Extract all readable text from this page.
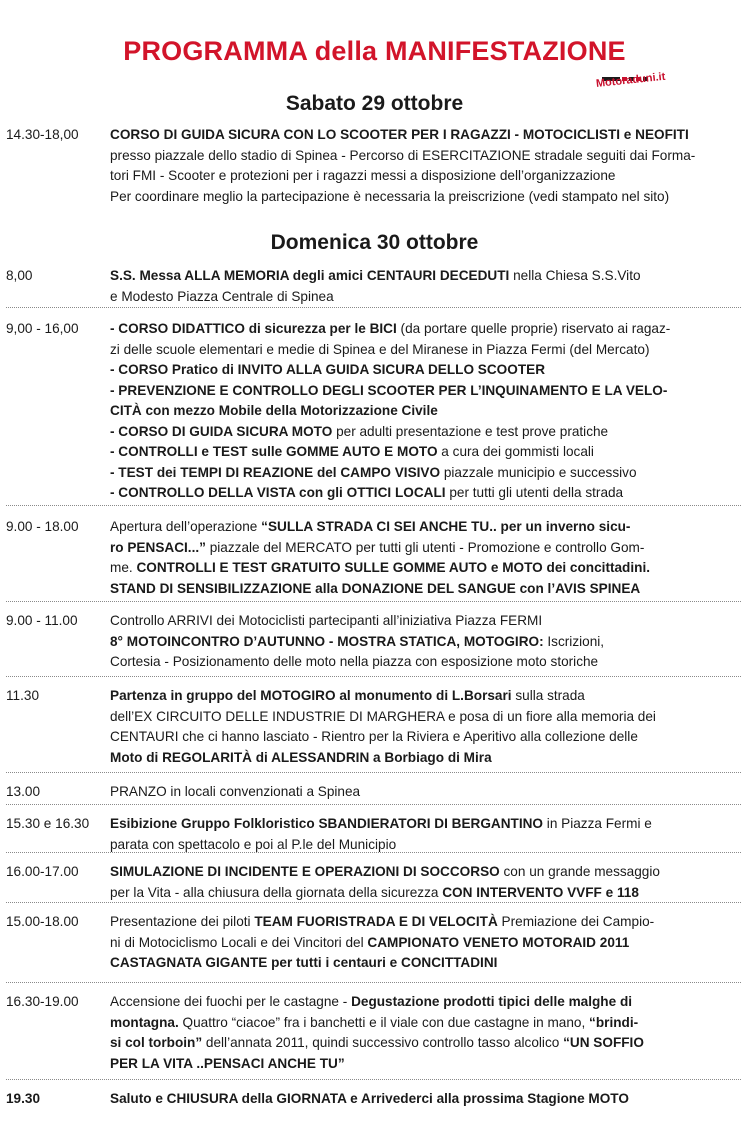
PROGRAMMA della MANIFESTAZIONE
Motoraduni.it
Sabato 29 ottobre
Domenica 30 ottobre
14.30-18,00	CORSO DI GUIDA SICURA CON LO SCOOTER PER I RAGAZZI - MOTOCICLISTI e NEOFITI
presso piazzale dello stadio di Spinea - Percorso di ESERCITAZIONE stradale seguiti dai Forma-
tori FMI - Scooter e protezioni per i ragazzi messi a disposizione dell’organizzazione
Per coordinare meglio la partecipazione è necessaria la preiscrizione (vedi stampato nel sito)
8,00	S.S. Messa ALLA MEMORIA degli amici CENTAURI DECEDUTI nella Chiesa S.S.Vito
e Modesto Piazza Centrale di Spinea
9,00 - 16,00	- CORSO DIDATTICO di sicurezza per le BICI (da portare quelle proprie) riservato ai ragaz-
zi delle scuole elementari e medie di Spinea e del Miranese in Piazza Fermi (del Mercato)
- CORSO Pratico di INVITO ALLA GUIDA SICURA DELLO SCOOTER
- PREVENZIONE E CONTROLLO DEGLI SCOOTER PER L’INQUINAMENTO E LA VELO-
CITÀ con mezzo Mobile della Motorizzazione Civile
- CORSO DI GUIDA SICURA MOTO per adulti presentazione e test prove pratiche
- CONTROLLI e TEST sulle GOMME AUTO E MOTO a cura dei gommisti locali
- TEST dei TEMPI DI REAZIONE del CAMPO VISIVO piazzale municipio e successivo
- CONTROLLO DELLA VISTA con gli OTTICI LOCALI per tutti gli utenti della strada
9.00 - 18.00	Apertura dell’operazione “SULLA STRADA CI SEI ANCHE TU.. per un inverno sicu-
ro PENSACI...” piazzale del MERCATO per tutti gli utenti - Promozione e controllo Gom-
me. CONTROLLI E TEST GRATUITO SULLE GOMME AUTO e MOTO dei concittadini.
STAND DI SENSIBILIZZAZIONE alla DONAZIONE DEL SANGUE con l’AVIS SPINEA
9.00 - 11.00	Controllo ARRIVI dei Motociclisti partecipanti all’iniziativa Piazza FERMI
8° MOTOINCONTRO D’AUTUNNO - MOSTRA STATICA, MOTOGIRO: Iscrizioni,
Cortesia - Posizionamento delle moto nella piazza con esposizione moto storiche
11.30	Partenza in gruppo del MOTOGIRO al monumento di L.Borsari sulla strada
dell’EX CIRCUITO DELLE INDUSTRIE DI MARGHERA e posa di un fiore alla memoria dei
CENTAURI che ci hanno lasciato - Rientro per la Riviera e Aperitivo alla collezione delle
Moto di REGOLARITÀ di ALESSANDRIN a Borbiago di Mira
13.00	PRANZO in locali convenzionati a Spinea
15.30 e 16.30	Esibizione Gruppo Folkloristico SBANDIERATORI DI BERGANTINO in Piazza Fermi e
parata con spettacolo e poi al P.le del Municipio
16.00-17.00	SIMULAZIONE DI INCIDENTE E OPERAZIONI DI SOCCORSO con un grande messaggio
per la Vita - alla chiusura della giornata della sicurezza CON INTERVENTO VVFF e 118
15.00-18.00	Presentazione dei piloti TEAM FUORISTRADA E DI VELOCITÀ Premiazione dei Campio-
ni di Motociclismo Locali e dei Vincitori del CAMPIONATO VENETO MOTORAID 2011
CASTAGNATA GIGANTE per tutti i centauri e CONCITTADINI
16.30-19.00	Accensione dei fuochi per le castagne - Degustazione prodotti tipici delle malghe di
montagna. Quattro “ciacoe” fra i banchetti e il viale con due castagne in mano, “brindi-
si col torboin” dell’annata 2011, quindi successivo controllo tasso alcolico “UN SOFFIO
PER LA VITA ..PENSACI ANCHE TU”
19.30	Saluto e CHIUSURA della GIORNATA e Arrivederci alla prossima Stagione MOTO
